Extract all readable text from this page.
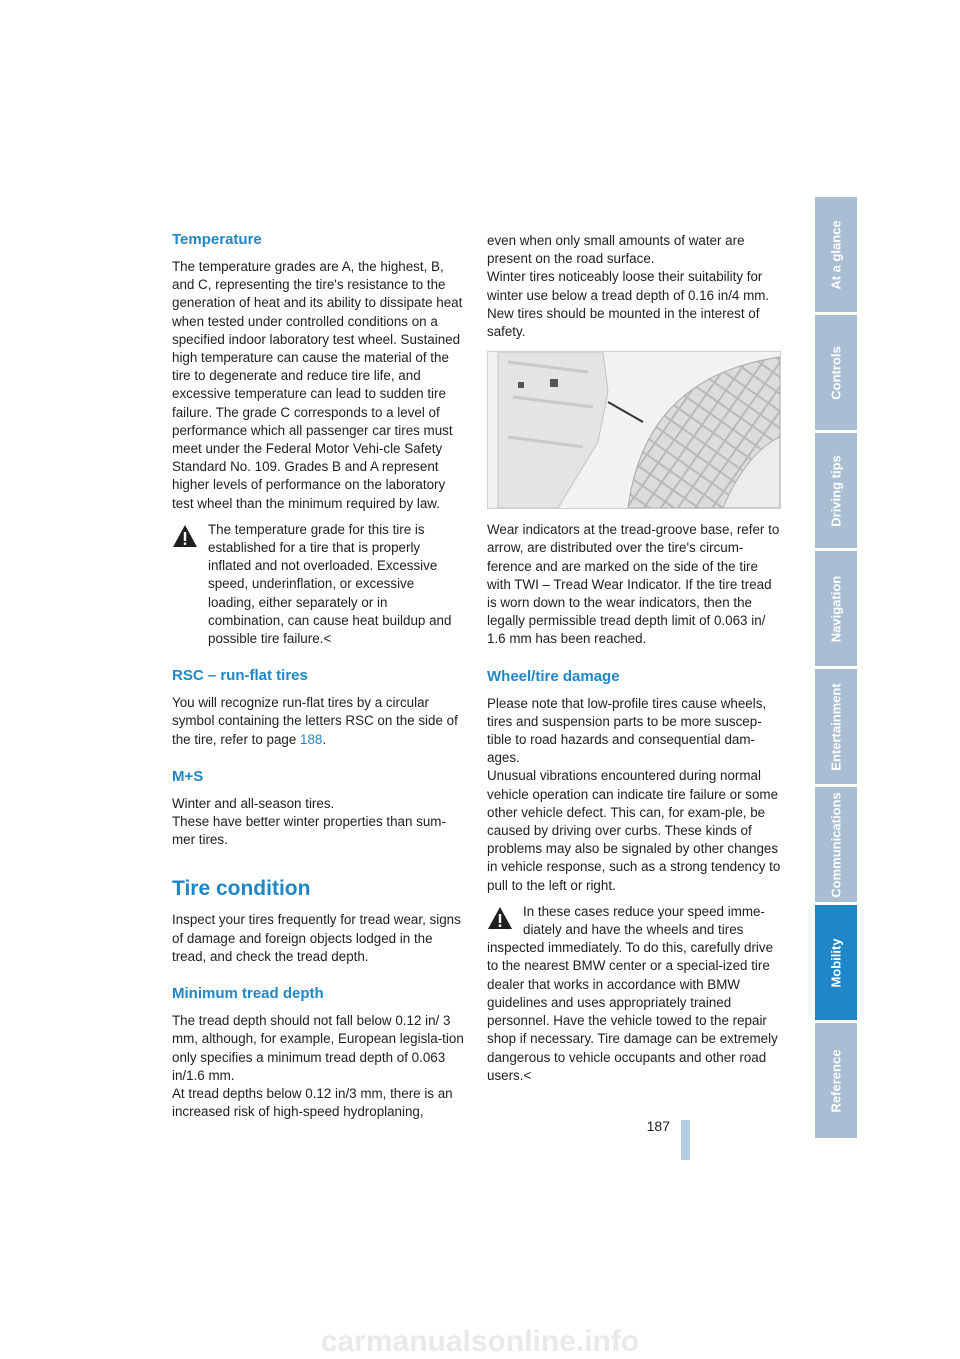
Temperature

The temperature grades are A, the highest, B, and C, representing the tire's resistance to the generation of heat and its ability to dissipate heat when tested under controlled conditions on a specified indoor laboratory test wheel. Sustained high temperature can cause the material of the tire to degenerate and reduce tire life, and excessive temperature can lead to sudden tire failure. The grade C corresponds to a level of performance which all passenger car tires must meet under the Federal Motor Vehi-cle Safety Standard No. 109. Grades B and A represent higher levels of performance on the laboratory test wheel than the minimum required by law.

The temperature grade for this tire is

established for a tire that is properly inflated and not overloaded. Excessive speed, underinflation, or excessive loading, either separately or in combination, can cause heat buildup and possible tire failure.<

RSC – run-flat tires

You will recognize run-flat tires by a circular symbol containing the letters RSC on the side of the tire, refer to page 188.

M+S

Winter and all-season tires.

These have better winter properties than sum-mer tires.

Tire condition

Inspect your tires frequently for tread wear, signs of damage and foreign objects lodged in the tread, and check the tread depth.

Minimum tread depth

The tread depth should not fall below 0.12 in/ 3 mm, although, for example, European legisla-tion only specifies a minimum tread depth of 0.063 in/1.6 mm.

At tread depths below 0.12 in/3 mm, there is an increased risk of high-speed hydroplaning,

even when only small amounts of water are present on the road surface.

Winter tires noticeably loose their suitability for winter use below a tread depth of 0.16 in/4 mm. New tires should be mounted in the interest of safety.

Wear indicators at the tread-groove base, refer to arrow, are distributed over the tire's circum-ference and are marked on the side of the tire with TWI – Tread Wear Indicator. If the tire tread is worn down to the wear indicators, then the legally permissible tread depth limit of 0.063 in/ 1.6 mm has been reached.

Wheel/tire damage

Please note that low-profile tires cause wheels, tires and suspension parts to be more suscep-tible to road hazards and consequential dam-ages.

Unusual vibrations encountered during normal vehicle operation can indicate tire failure or some other vehicle defect. This can, for exam-ple, be caused by driving over curbs. These kinds of problems may also be signaled by other changes in vehicle response, such as a strong tendency to pull to the left or right.

In these cases reduce your speed imme-

diately and have the wheels and tires

inspected immediately. To do this, carefully drive to the nearest BMW center or a special-ized tire dealer that works in accordance with BMW guidelines and uses appropriately trained personnel. Have the vehicle towed to the repair shop if necessary. Tire damage can be extremely dangerous to vehicle occupants and other road users.<

At a glance
Controls
Driving tips
Navigation
Entertainment
Communications
Mobility
Reference
187
carmanualsonline.info
